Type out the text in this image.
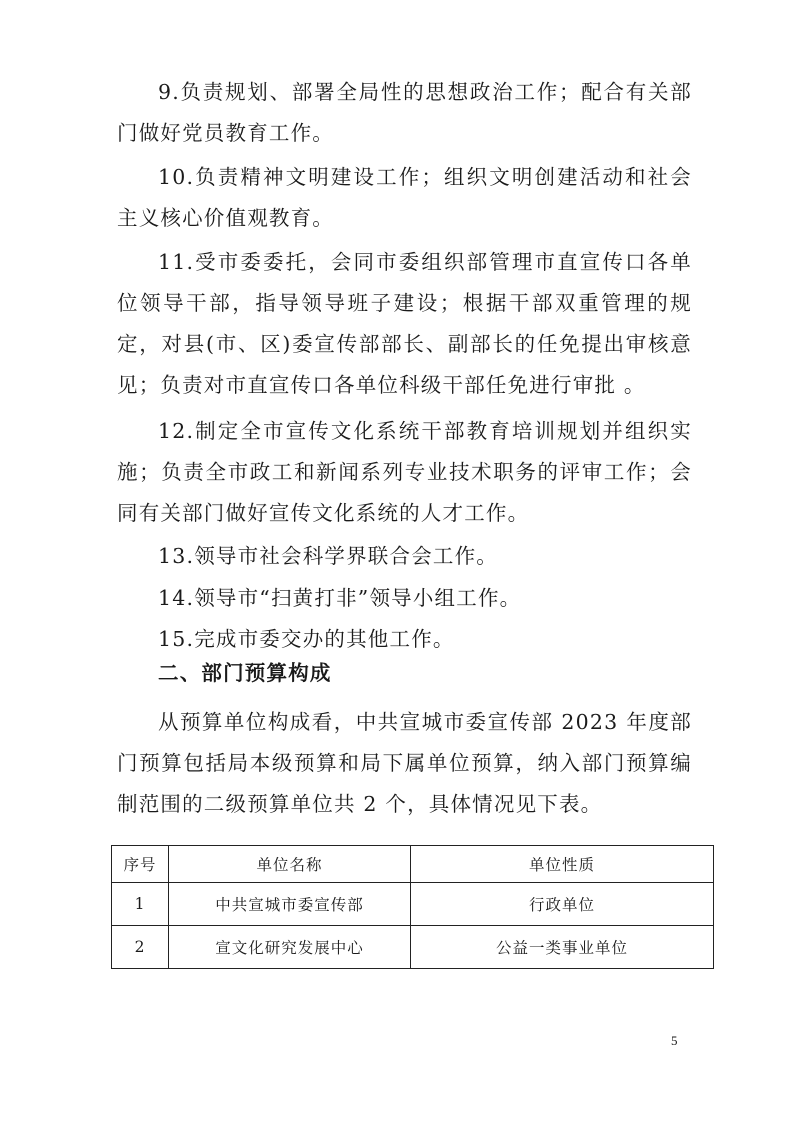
9.负责规划、部署全局性的思想政治工作；配合有关部门做好党员教育工作。

10.负责精神文明建设工作；组织文明创建活动和社会主义核心价值观教育。

11.受市委委托，会同市委组织部管理市直宣传口各单位领导干部，指导领导班子建设；根据干部双重管理的规定，对县(市、区)委宣传部部长、副部长的任免提出审核意见；负责对市直宣传口各单位科级干部任免进行审批 。

12.制定全市宣传文化系统干部教育培训规划并组织实施；负责全市政工和新闻系列专业技术职务的评审工作；会同有关部门做好宣传文化系统的人才工作。

13.领导市社会科学界联合会工作。

14.领导市“扫黄打非”领导小组工作。

15.完成市委交办的其他工作。

二、部门预算构成

从预算单位构成看，中共宣城市委宣传部 2023 年度部门预算包括局本级预算和局下属单位预算，纳入部门预算编制范围的二级预算单位共 2 个，具体情况见下表。

序号	单位名称	单位性质
1	中共宣城市委宣传部	行政单位
2	宣文化研究发展中心	公益一类事业单位
5
